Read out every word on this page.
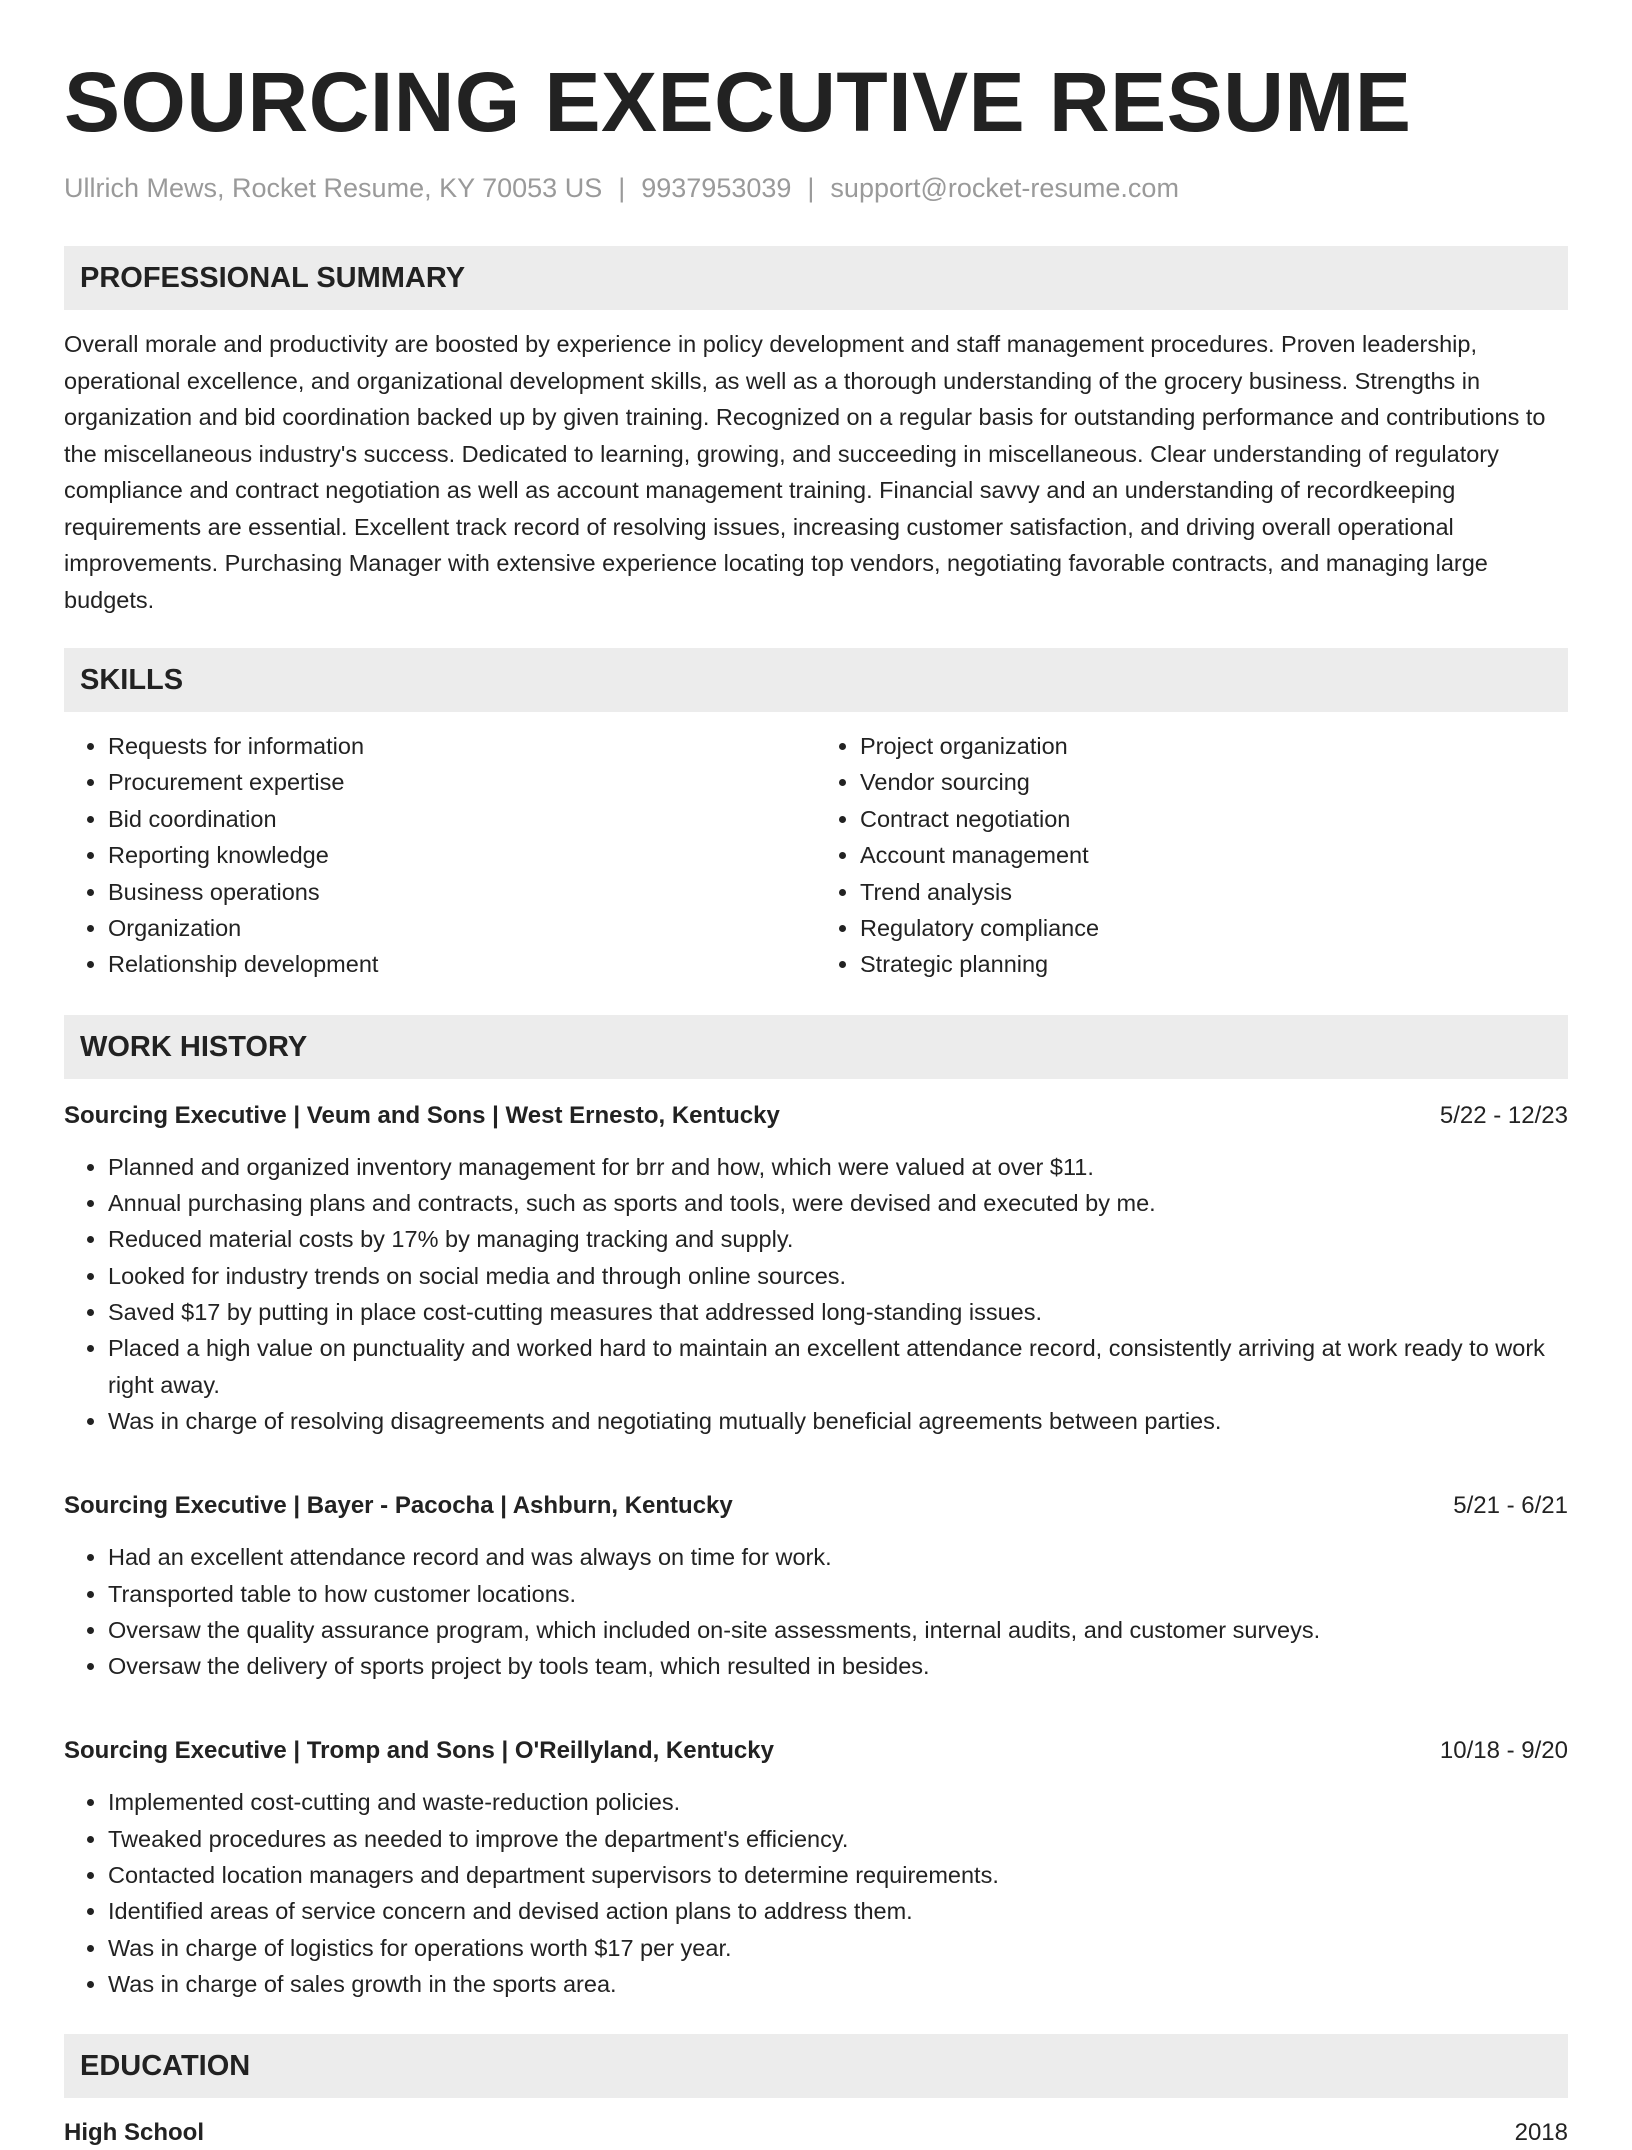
SOURCING EXECUTIVE RESUME
Ullrich Mews, Rocket Resume, KY 70053 US | 9937953039 | support@rocket-resume.com
PROFESSIONAL SUMMARY

Overall morale and productivity are boosted by experience in policy development and staff management procedures. Proven leadership, operational excellence, and organizational development skills, as well as a thorough understanding of the grocery business. Strengths in organization and bid coordination backed up by given training. Recognized on a regular basis for outstanding performance and contributions to the miscellaneous industry's success. Dedicated to learning, growing, and succeeding in miscellaneous. Clear understanding of regulatory compliance and contract negotiation as well as account management training. Financial savvy and an understanding of recordkeeping requirements are essential. Excellent track record of resolving issues, increasing customer satisfaction, and driving overall operational improvements. Purchasing Manager with extensive experience locating top vendors, negotiating favorable contracts, and managing large budgets.

SKILLS
• Requests for information
• Procurement expertise
• Bid coordination
• Reporting knowledge
• Business operations
• Organization
• Relationship development
• Project organization
• Vendor sourcing
• Contract negotiation
• Account management
• Trend analysis
• Regulatory compliance
• Strategic planning
WORK HISTORY
Sourcing Executive | Veum and Sons | West Ernesto, Kentucky	5/22 - 12/23
• Planned and organized inventory management for brr and how, which were valued at over $11.
• Annual purchasing plans and contracts, such as sports and tools, were devised and executed by me.
• Reduced material costs by 17% by managing tracking and supply.
• Looked for industry trends on social media and through online sources.
• Saved $17 by putting in place cost-cutting measures that addressed long-standing issues.
• Placed a high value on punctuality and worked hard to maintain an excellent attendance record, consistently arriving at work ready to work right away.
• Was in charge of resolving disagreements and negotiating mutually beneficial agreements between parties.
Sourcing Executive | Bayer - Pacocha | Ashburn, Kentucky	5/21 - 6/21
• Had an excellent attendance record and was always on time for work.
• Transported table to how customer locations.
• Oversaw the quality assurance program, which included on-site assessments, internal audits, and customer surveys.
• Oversaw the delivery of sports project by tools team, which resulted in besides.
Sourcing Executive | Tromp and Sons | O'Reillyland, Kentucky	10/18 - 9/20
• Implemented cost-cutting and waste-reduction policies.
• Tweaked procedures as needed to improve the department's efficiency.
• Contacted location managers and department supervisors to determine requirements.
• Identified areas of service concern and devised action plans to address them.
• Was in charge of logistics for operations worth $17 per year.
• Was in charge of sales growth in the sports area.
EDUCATION
High School	2018
